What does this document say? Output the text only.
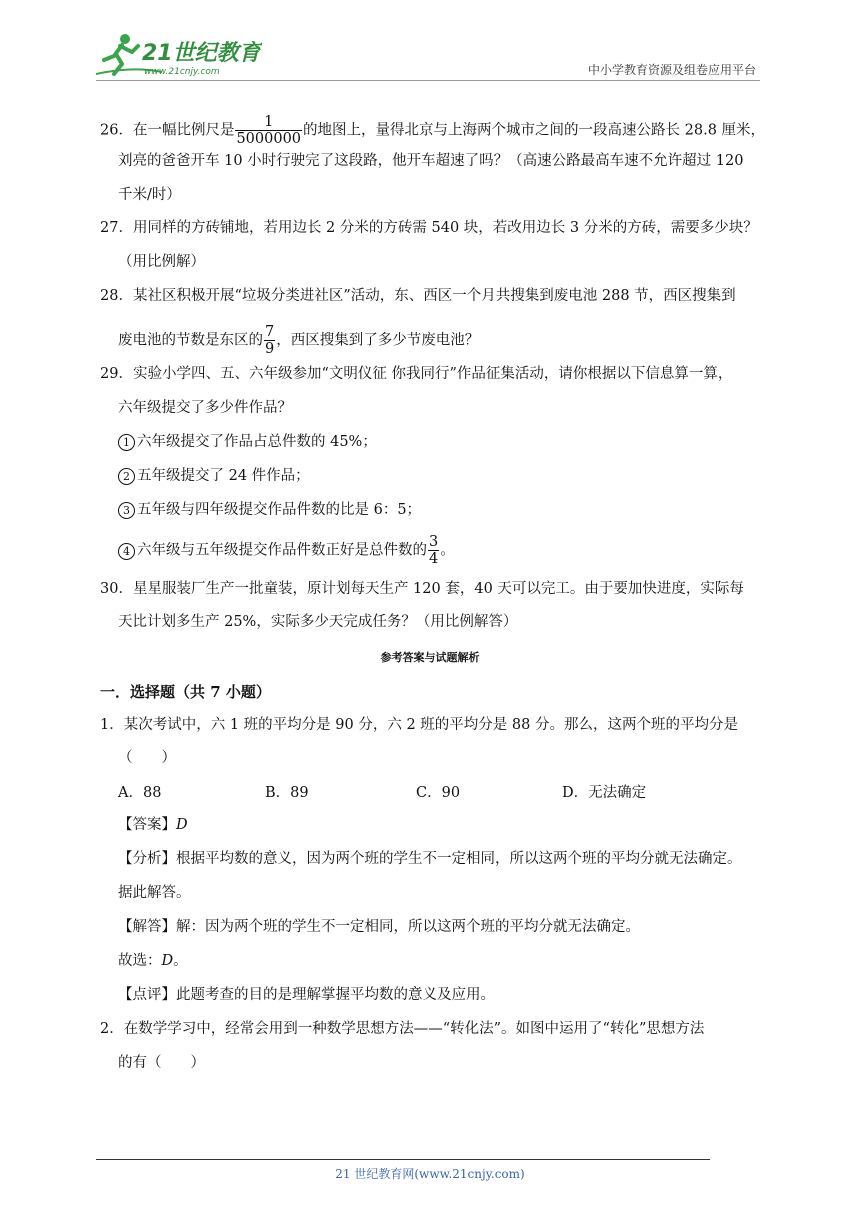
21世纪教育
www.21cnjy.com	中小学教育资源及组卷应用平台
26．在一幅比例尺是 $\frac{1}{5000000}$ 的地图上，量得北京与上海两个城市之间的一段高速公路长 28.8 厘米，
刘亮的爸爸开车 10 小时行驶完了这段路，他开车超速了吗？（高速公路最高车速不允许超过 120
千米/时）
27．用同样的方砖铺地，若用边长 2 分米的方砖需 540 块，若改用边长 3 分米的方砖，需要多少块？
（用比例解）
28．某社区积极开展“垃圾分类进社区”活动，东、西区一个月共搜集到废电池 288 节，西区搜集到
废电池的节数是东区的 $\frac{7}{9}$ ，西区搜集到了多少节废电池？
29．实验小学四、五、六年级参加“文明仪征 你我同行”作品征集活动，请你根据以下信息算一算，
六年级提交了多少件作品？
1 六年级提交了作品占总件数的 45%；
2 五年级提交了 24 件作品；
3 五年级与四年级提交作品件数的比是 6：5；
4 六年级与五年级提交作品件数正好是总件数的 $\frac{3}{4}$ 。
30．星星服装厂生产一批童装，原计划每天生产 120 套，40 天可以完工。由于要加快进度，实际每
天比计划多生产 25%，实际多少天完成任务？（用比例解答）
参考答案与试题解析
一．选择题（共 7 小题）
1．某次考试中，六 1 班的平均分是 90 分，六 2 班的平均分是 88 分。那么，这两个班的平均分是
（　　）
A．88	B．89	C．90	D．无法确定
【答案】D
【分析】根据平均数的意义，因为两个班的学生不一定相同，所以这两个班的平均分就无法确定。
据此解答。
【解答】解：因为两个班的学生不一定相同，所以这两个班的平均分就无法确定。
故选：D。
【点评】此题考查的目的是理解掌握平均数的意义及应用。
2．在数学学习中，经常会用到一种数学思想方法——“转化法”。如图中运用了“转化”思想方法
的有（　　）
21 世纪教育网(www.21cnjy.com)
